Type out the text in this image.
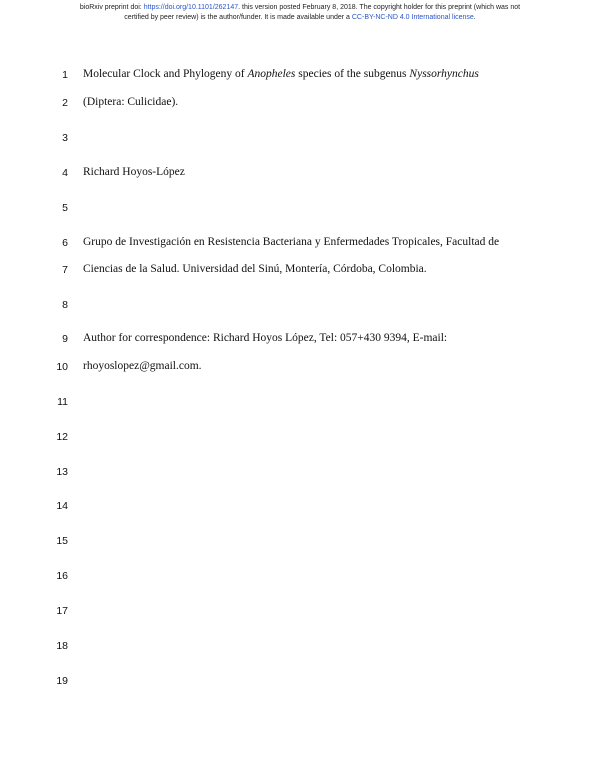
bioRxiv preprint doi: https://doi.org/10.1101/262147. this version posted February 8, 2018. The copyright holder for this preprint (which was not
certified by peer review) is the author/funder. It is made available under a CC-BY-NC-ND 4.0 International license.
1
2
3
4
5
6
7
8
9
10
11
12
13
14
15
16
17
18
19
Molecular Clock and Phylogeny of Anopheles species of the subgenus Nyssorhynchus
(Diptera: Culicidae).
Richard Hoyos-López
Grupo de Investigación en Resistencia Bacteriana y Enfermedades Tropicales, Facultad de
Ciencias de la Salud. Universidad del Sinú, Montería, Córdoba, Colombia.
Author for correspondence: Richard Hoyos López, Tel: 057+430 9394, E-mail:
rhoyoslopez@gmail.com.
